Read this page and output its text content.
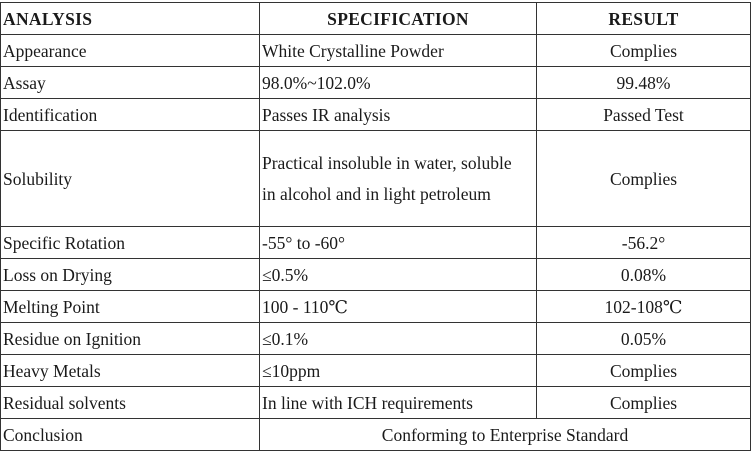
ANALYSIS	SPECIFICATION	RESULT
Appearance	White Crystalline Powder	Complies
Assay	98.0%~102.0%	99.48%
Identification	Passes IR analysis	Passed Test
Solubility	Practical insoluble in water, soluble in alcohol and in light petroleum	Complies
Specific Rotation	-55° to -60°	-56.2°
Loss on Drying	≤0.5%	0.08%
Melting Point	100 - 110℃	102-108℃
Residue on Ignition	≤0.1%	0.05%
Heavy Metals	≤10ppm	Complies
Residual solvents	In line with ICH requirements	Complies
Conclusion	Conforming to Enterprise Standard	
